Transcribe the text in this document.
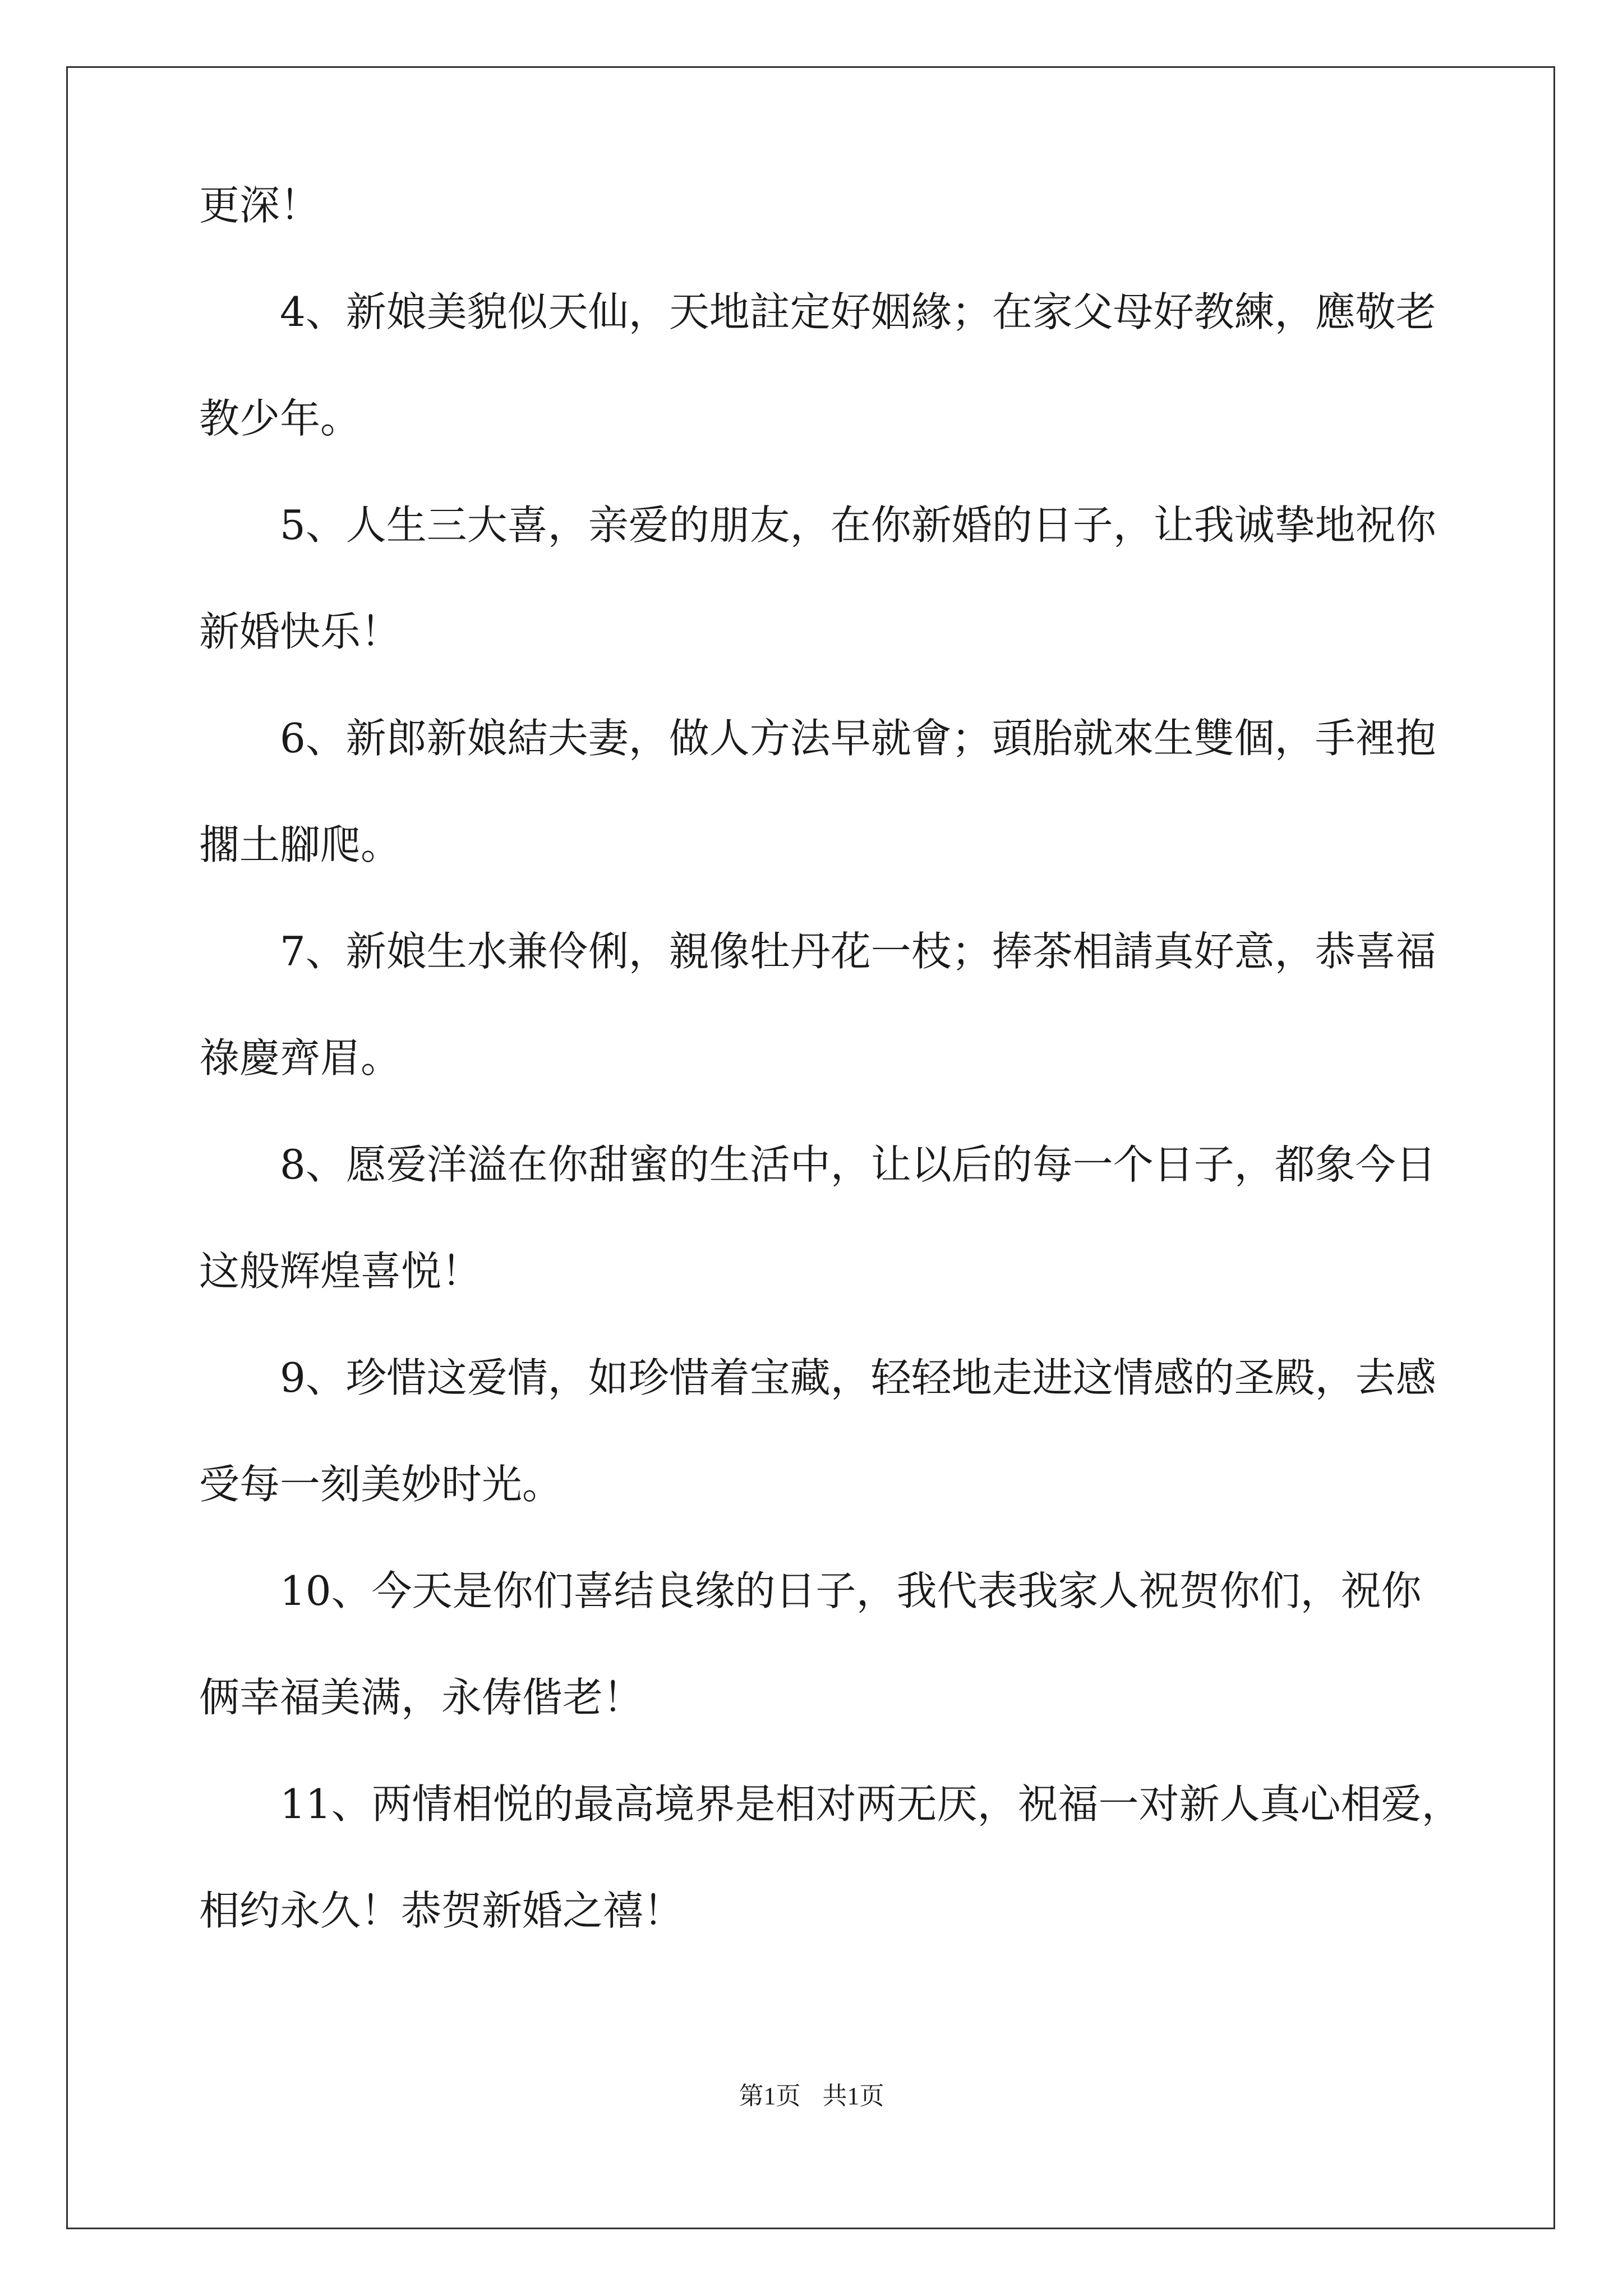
更深！
4、新娘美貌似天仙，天地註定好姻緣；在家父母好教練，應敬老
教少年。
5、人生三大喜，亲爱的朋友，在你新婚的日子，让我诚挚地祝你
新婚快乐！
6、新郎新娘結夫妻，做人方法早就會；頭胎就來生雙個，手裡抱
擱土腳爬。
7、新娘生水兼伶俐，親像牡丹花一枝；捧茶相請真好意，恭喜福
祿慶齊眉。
8、愿爱洋溢在你甜蜜的生活中，让以后的每一个日子，都象今日
这般辉煌喜悦！
9、珍惜这爱情，如珍惜着宝藏，轻轻地走进这情感的圣殿，去感
受每一刻美妙时光。
10、今天是你们喜结良缘的日子，我代表我家人祝贺你们，祝你
俩幸福美满，永俦偕老！
11、两情相悦的最高境界是相对两无厌，祝福一对新人真心相爱，
相约永久！恭贺新婚之禧！
第1页 共1页
